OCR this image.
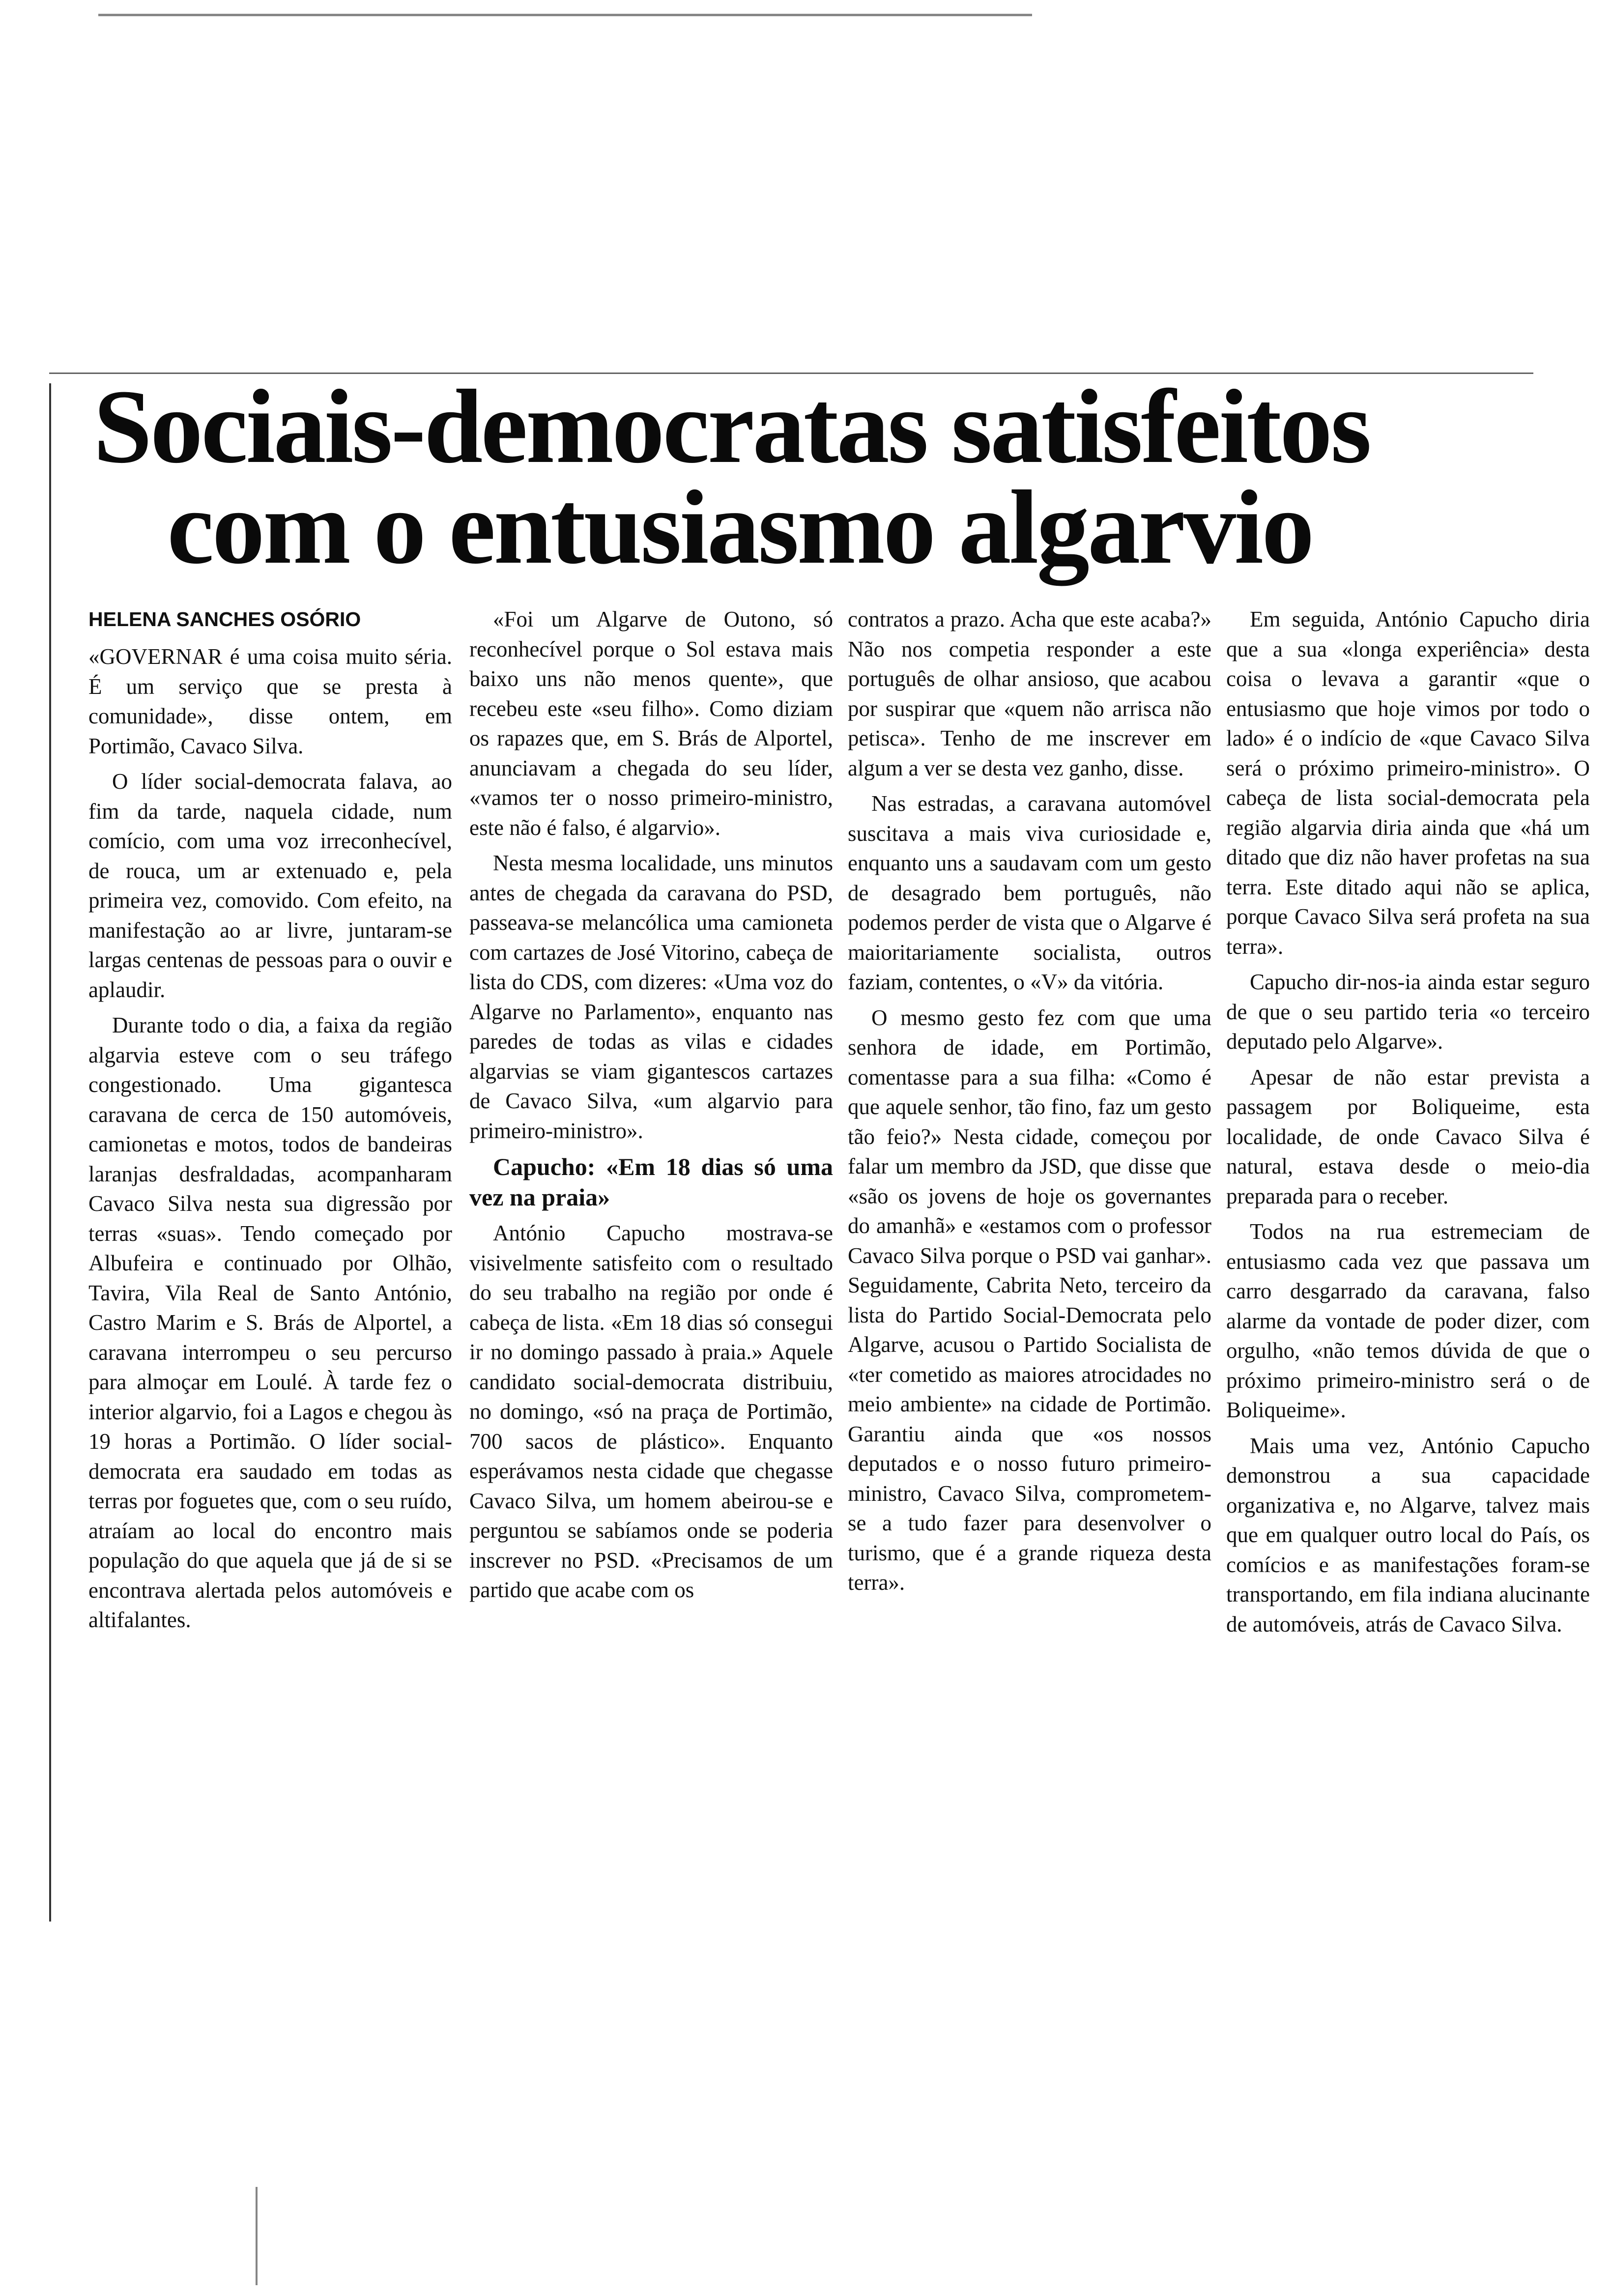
Sociais-democratas satisfeitos
com o entusiasmo algarvio
HELENA SANCHES OSÓRIO

«GOVERNAR é uma coisa muito séria. É um serviço que se presta à comunidade», disse ontem, em Portimão, Cavaco Silva.

O líder social-democrata falava, ao fim da tarde, naquela cidade, num comício, com uma voz irreconhecível, de rouca, um ar extenuado e, pela primeira vez, comovido. Com efeito, na manifestação ao ar livre, juntaram-se largas centenas de pessoas para o ouvir e aplaudir.

Durante todo o dia, a faixa da região algarvia esteve com o seu tráfego congestionado. Uma gigantesca caravana de cerca de 150 automóveis, camionetas e motos, todos de bandeiras laranjas desfraldadas, acompanharam Cavaco Silva nesta sua digressão por terras «suas». Tendo começado por Albufeira e continuado por Olhão, Tavira, Vila Real de Santo António, Castro Marim e S. Brás de Alportel, a caravana interrompeu o seu percurso para almoçar em Loulé. À tarde fez o interior algarvio, foi a Lagos e chegou às 19 horas a Portimão. O líder social-democrata era saudado em todas as terras por foguetes que, com o seu ruído, atraíam ao local do encontro mais população do que aquela que já de si se encontrava alertada pelos automóveis e altifalantes.

«Foi um Algarve de Outono, só reconhecível porque o Sol estava mais baixo uns não menos quente», que recebeu este «seu filho». Como diziam os rapazes que, em S. Brás de Alportel, anunciavam a chegada do seu líder, «vamos ter o nosso primeiro-ministro, este não é falso, é algarvio».

Nesta mesma localidade, uns minutos antes de chegada da caravana do PSD, passeava-se melancólica uma camioneta com cartazes de José Vitorino, cabeça de lista do CDS, com dizeres: «Uma voz do Algarve no Parlamento», enquanto nas paredes de todas as vilas e cidades algarvias se viam gigantescos cartazes de Cavaco Silva, «um algarvio para primeiro-ministro».

Capucho: «Em 18 dias só uma vez na praia»

António Capucho mostrava-se visivelmente satisfeito com o resultado do seu trabalho na região por onde é cabeça de lista. «Em 18 dias só consegui ir no domingo passado à praia.» Aquele candidato social-democrata distribuiu, no domingo, «só na praça de Portimão, 700 sacos de plástico». Enquanto esperávamos nesta cidade que chegasse Cavaco Silva, um homem abeirou-se e perguntou se sabíamos onde se poderia inscrever no PSD. «Precisamos de um partido que acabe com os

contratos a prazo. Acha que este acaba?» Não nos competia responder a este português de olhar ansioso, que acabou por suspirar que «quem não arrisca não petisca». Tenho de me inscrever em algum a ver se desta vez ganho, disse.

Nas estradas, a caravana automóvel suscitava a mais viva curiosidade e, enquanto uns a saudavam com um gesto de desagrado bem português, não podemos perder de vista que o Algarve é maioritariamente socialista, outros faziam, contentes, o «V» da vitória.

O mesmo gesto fez com que uma senhora de idade, em Portimão, comentasse para a sua filha: «Como é que aquele senhor, tão fino, faz um gesto tão feio?» Nesta cidade, começou por falar um membro da JSD, que disse que «são os jovens de hoje os governantes do amanhã» e «estamos com o professor Cavaco Silva porque o PSD vai ganhar». Seguidamente, Cabrita Neto, terceiro da lista do Partido Social-Democrata pelo Algarve, acusou o Partido Socialista de «ter cometido as maiores atrocidades no meio ambiente» na cidade de Portimão. Garantiu ainda que «os nossos deputados e o nosso futuro primeiro-ministro, Cavaco Silva, comprometem-se a tudo fazer para desenvolver o turismo, que é a grande riqueza desta terra».

Em seguida, António Capucho diria que a sua «longa experiência» desta coisa o levava a garantir «que o entusiasmo que hoje vimos por todo o lado» é o indício de «que Cavaco Silva será o próximo primeiro-ministro». O cabeça de lista social-democrata pela região algarvia diria ainda que «há um ditado que diz não haver profetas na sua terra. Este ditado aqui não se aplica, porque Cavaco Silva será profeta na sua terra».

Capucho dir-nos-ia ainda estar seguro de que o seu partido teria «o terceiro deputado pelo Algarve».

Apesar de não estar prevista a passagem por Boliqueime, esta localidade, de onde Cavaco Silva é natural, estava desde o meio-dia preparada para o receber.

Todos na rua estremeciam de entusiasmo cada vez que passava um carro desgarrado da caravana, falso alarme da vontade de poder dizer, com orgulho, «não temos dúvida de que o próximo primeiro-ministro será o de Boliqueime».

Mais uma vez, António Capucho demonstrou a sua capacidade organizativa e, no Algarve, talvez mais que em qualquer outro local do País, os comícios e as manifestações foram-se transportando, em fila indiana alucinante de automóveis, atrás de Cavaco Silva.
